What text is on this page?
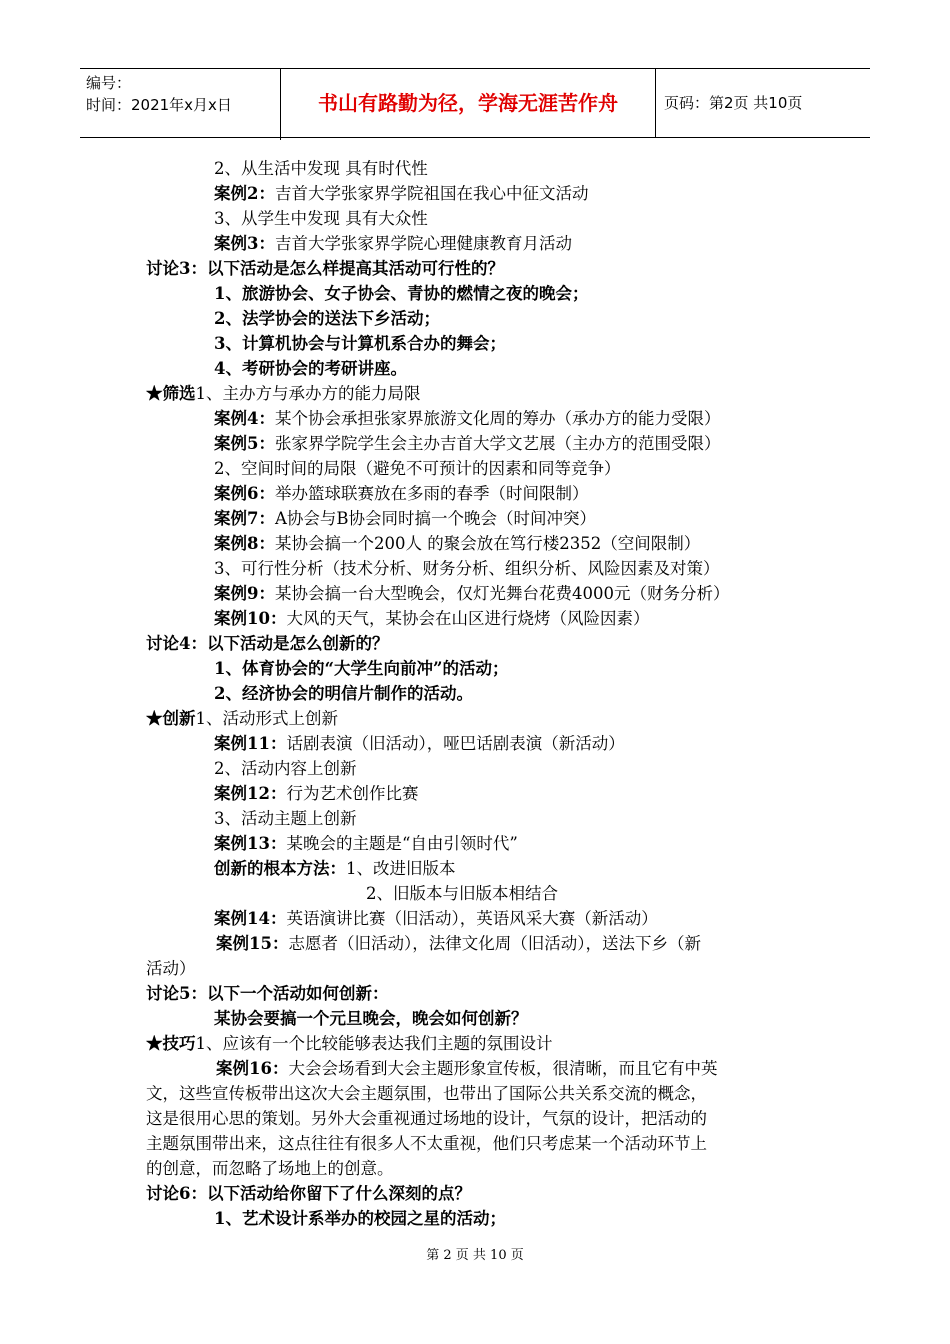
编号：
时间：2021年x月x日	书山有路勤为径，学海无涯苦作舟	页码：第2页 共10页
2、从生活中发现 具有时代性
案例2：吉首大学张家界学院祖国在我心中征文活动
3、从学生中发现 具有大众性
案例3：吉首大学张家界学院心理健康教育月活动
讨论3：以下活动是怎么样提高其活动可行性的？
1、旅游协会、女子协会、青协的燃情之夜的晚会；
2、法学协会的送法下乡活动；
3、计算机协会与计算机系合办的舞会；
4、考研协会的考研讲座。
★筛选1、主办方与承办方的能力局限
案例4：某个协会承担张家界旅游文化周的筹办（承办方的能力受限）
案例5：张家界学院学生会主办吉首大学文艺展（主办方的范围受限）
2、空间时间的局限（避免不可预计的因素和同等竞争）
案例6：举办篮球联赛放在多雨的春季（时间限制）
案例7：A协会与B协会同时搞一个晚会（时间冲突）
案例8：某协会搞一个200人 的聚会放在笃行楼2352（空间限制）
3、可行性分析（技术分析、财务分析、组织分析、风险因素及对策）
案例9：某协会搞一台大型晚会，仅灯光舞台花费4000元（财务分析）
案例10：大风的天气，某协会在山区进行烧烤（风险因素）
讨论4：以下活动是怎么创新的？
1、体育协会的“大学生向前冲”的活动；
2、经济协会的明信片制作的活动。
★创新1、活动形式上创新
案例11：话剧表演（旧活动），哑巴话剧表演（新活动）
2、活动内容上创新
案例12：行为艺术创作比赛
3、活动主题上创新
案例13：某晚会的主题是“自由引领时代”
创新的根本方法：1、改进旧版本
2、旧版本与旧版本相结合
案例14：英语演讲比赛（旧活动），英语风采大赛（新活动）
案例15：志愿者（旧活动），法律文化周（旧活动），送法下乡（新
活动）
讨论5：以下一个活动如何创新：
某协会要搞一个元旦晚会，晚会如何创新？
★技巧1、应该有一个比较能够表达我们主题的氛围设计
案例16：大会会场看到大会主题形象宣传板，很清晰，而且它有中英
文，这些宣传板带出这次大会主题氛围，也带出了国际公共关系交流的概念，
这是很用心思的策划。另外大会重视通过场地的设计，气氛的设计，把活动的
主题氛围带出来，这点往往有很多人不太重视，他们只考虑某一个活动环节上
的创意，而忽略了场地上的创意。
讨论6：以下活动给你留下了什么深刻的点？
1、艺术设计系举办的校园之星的活动；
第 2 页 共 10 页
